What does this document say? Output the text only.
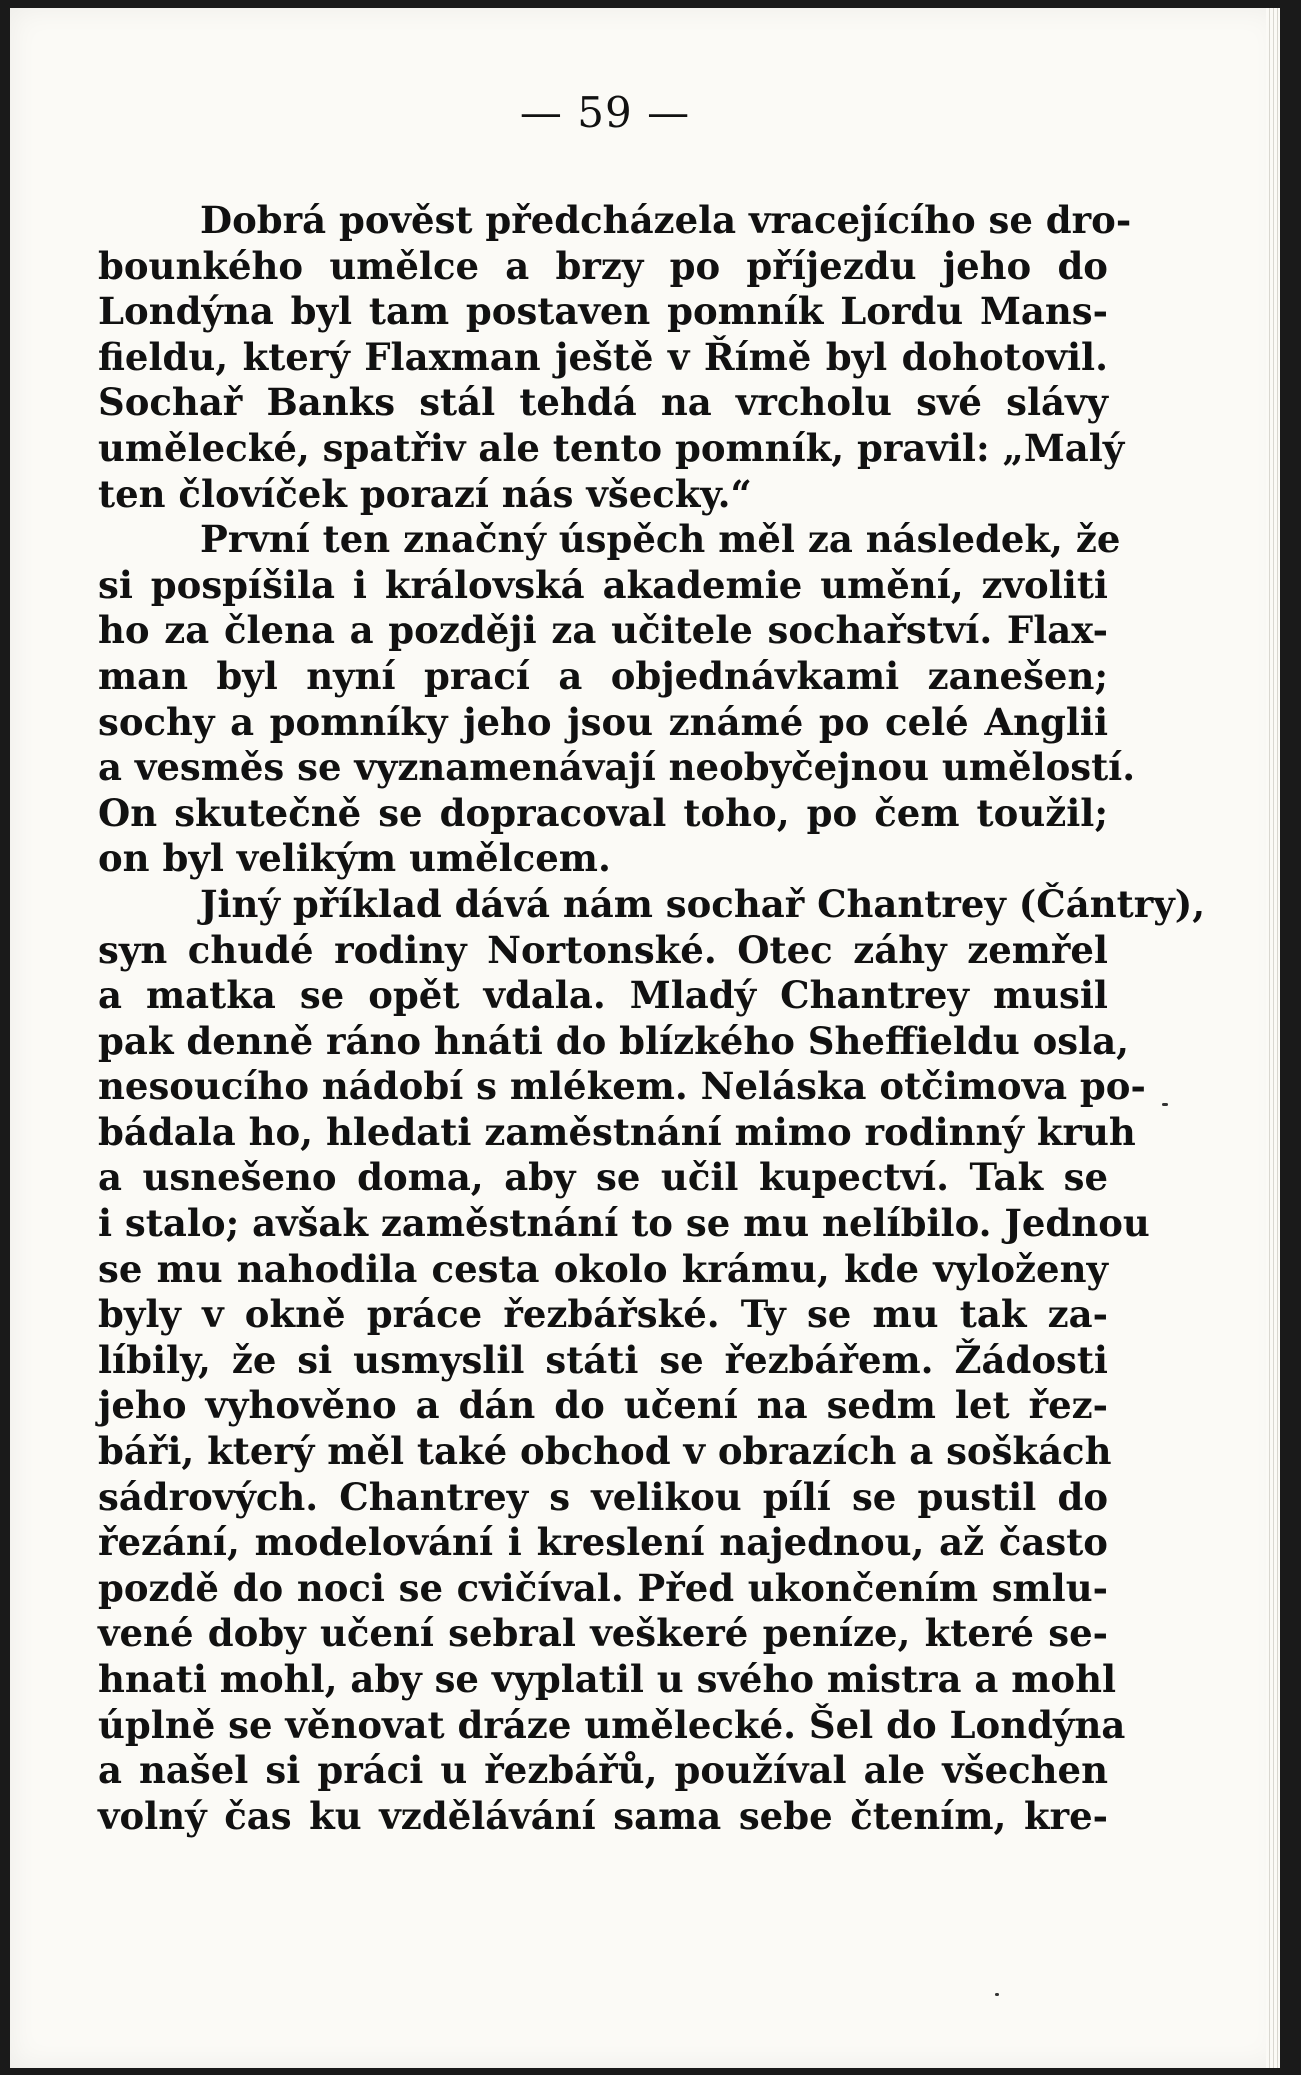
— 59 —
Dobrá pověst předcházela vracejícího se dro-
bounkého umělce a brzy po příjezdu jeho do
Londýna byl tam postaven pomník Lordu Mans-
fieldu, který Flaxman ještě v Římě byl dohotovil.
Sochař Banks stál tehdá na vrcholu své slávy
umělecké, spatřiv ale tento pomník, pravil: „Malý
ten človíček porazí nás všecky.“
První ten značný úspěch měl za následek, že
si pospíšila i královská akademie umění, zvoliti
ho za člena a později za učitele sochařství. Flax-
man byl nyní prací a objednávkami zanešen;
sochy a pomníky jeho jsou známé po celé Anglii
a vesměs se vyznamenávají neobyčejnou umělostí.
On skutečně se dopracoval toho, po čem toužil;
on byl velikým umělcem.
Jiný příklad dává nám sochař Chantrey (Čántry),
syn chudé rodiny Nortonské. Otec záhy zemřel
a matka se opět vdala. Mladý Chantrey musil
pak denně ráno hnáti do blízkého Sheffieldu osla,
nesoucího nádobí s mlékem. Neláska otčimova po-
bádala ho, hledati zaměstnání mimo rodinný kruh
a usnešeno doma, aby se učil kupectví. Tak se
i stalo; avšak zaměstnání to se mu nelíbilo. Jednou
se mu nahodila cesta okolo krámu, kde vyloženy
byly v okně práce řezbářské. Ty se mu tak za-
líbily, že si usmyslil státi se řezbářem. Žádosti
jeho vyhověno a dán do učení na sedm let řez-
báři, který měl také obchod v obrazích a soškách
sádrových. Chantrey s velikou pílí se pustil do
řezání, modelování i kreslení najednou, až často
pozdě do noci se cvičíval. Před ukončením smlu-
vené doby učení sebral veškeré peníze, které se-
hnati mohl, aby se vyplatil u svého mistra a mohl
úplně se věnovat dráze umělecké. Šel do Londýna
a našel si práci u řezbářů, používal ale všechen
volný čas ku vzdělávání sama sebe čtením, kre-
